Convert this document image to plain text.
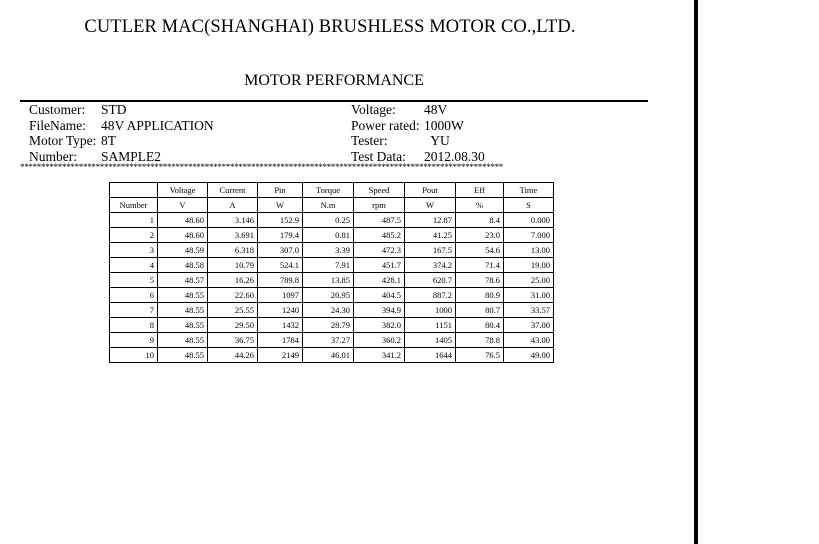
CUTLER MAC(SHANGHAI) BRUSHLESS MOTOR CO.,LTD.
MOTOR PERFORMANCE
Customer: STD
FileName: 48V APPLICATION
Motor Type: 8T
Number: SAMPLE2
Voltage: 48V
Power rated: 1000W
Tester:	YU
Test Data: 2012.08.30
*******************************************************************************************************************
	Voltage	Current	Pin	Torque	Speed	Pout	Eff	Time
Number	V	A	W	N.m	rpm	W	%	S
1	48.60	3.146	152.9	0.25	487.5	12.87	8.4	0.000
2	48.60	3.691	179.4	0.81	485.2	41.25	23.0	7.000
3	48.59	6.318	307.0	3.39	472.3	167.5	54.6	13.00
4	48.58	10.79	524.1	7.91	451.7	374.2	71.4	19.00
5	48.57	16.26	789.8	13.85	428.1	620.7	78.6	25.00
6	48.55	22.60	1097	20.95	404.5	887.2	80.9	31.00
7	48.55	25.55	1240	24.30	394.9	1000	80.7	33.57
8	48.55	29.50	1432	28.79	382.0	1151	80.4	37.00
9	48.55	36.75	1784	37.27	360.2	1405	78.8	43.00
10	48.55	44.26	2149	46.01	341.2	1644	76.5	49.00
